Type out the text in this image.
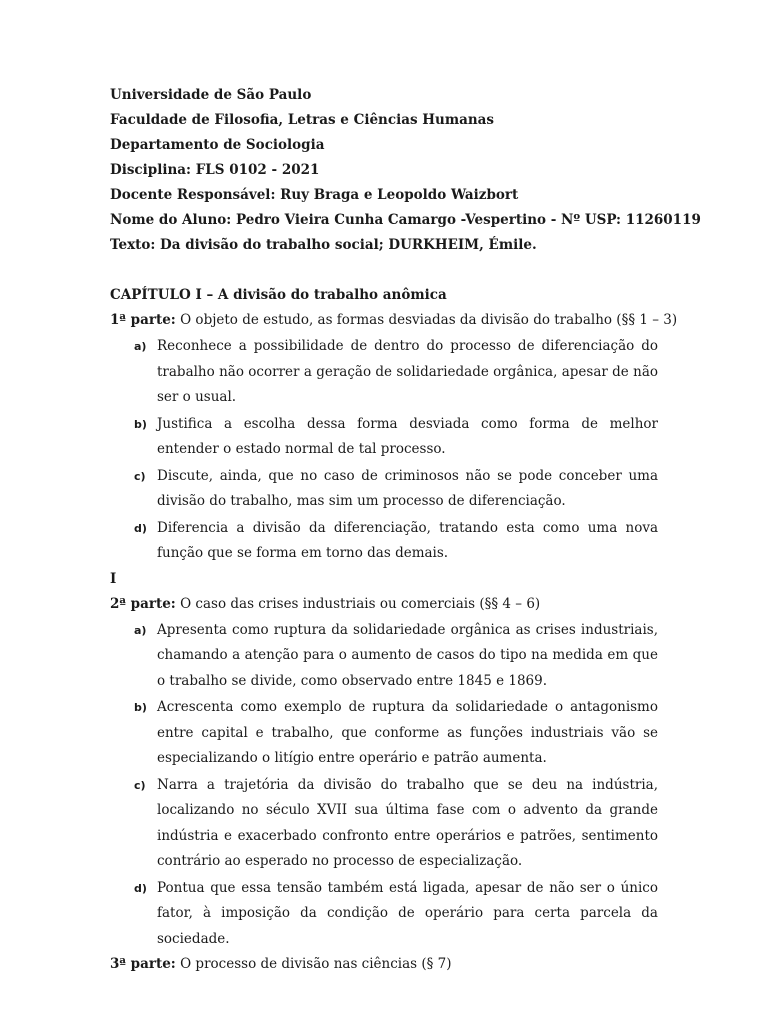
Universidade de São Paulo
Faculdade de Filosofia, Letras e Ciências Humanas
Departamento de Sociologia
Disciplina: FLS 0102 - 2021
Docente Responsável: Ruy Braga e Leopoldo Waizbort
Nome do Aluno: Pedro Vieira Cunha Camargo -Vespertino - Nº USP: 11260119
Texto: Da divisão do trabalho social; DURKHEIM, Émile.
CAPÍTULO I – A divisão do trabalho anômica
1ª parte: O objeto de estudo, as formas desviadas da divisão do trabalho (§§ 1 – 3)
a) Reconhece a possibilidade de dentro do processo de diferenciação do trabalho não ocorrer a geração de solidariedade orgânica, apesar de não ser o usual.
b) Justifica a escolha dessa forma desviada como forma de melhor entender o estado normal de tal processo.
c) Discute, ainda, que no caso de criminosos não se pode conceber uma divisão do trabalho, mas sim um processo de diferenciação.
d) Diferencia a divisão da diferenciação, tratando esta como uma nova função que se forma em torno das demais.
I
2ª parte: O caso das crises industriais ou comerciais (§§ 4 – 6)
a) Apresenta como ruptura da solidariedade orgânica as crises industriais, chamando a atenção para o aumento de casos do tipo na medida em que o trabalho se divide, como observado entre 1845 e 1869.
b) Acrescenta como exemplo de ruptura da solidariedade o antagonismo entre capital e trabalho, que conforme as funções industriais vão se especializando o litígio entre operário e patrão aumenta.
c) Narra a trajetória da divisão do trabalho que se deu na indústria, localizando no século XVII sua última fase com o advento da grande indústria e exacerbado confronto entre operários e patrões, sentimento contrário ao esperado no processo de especialização.
d) Pontua que essa tensão também está ligada, apesar de não ser o único fator, à imposição da condição de operário para certa parcela da sociedade.
3ª parte: O processo de divisão nas ciências (§ 7)
